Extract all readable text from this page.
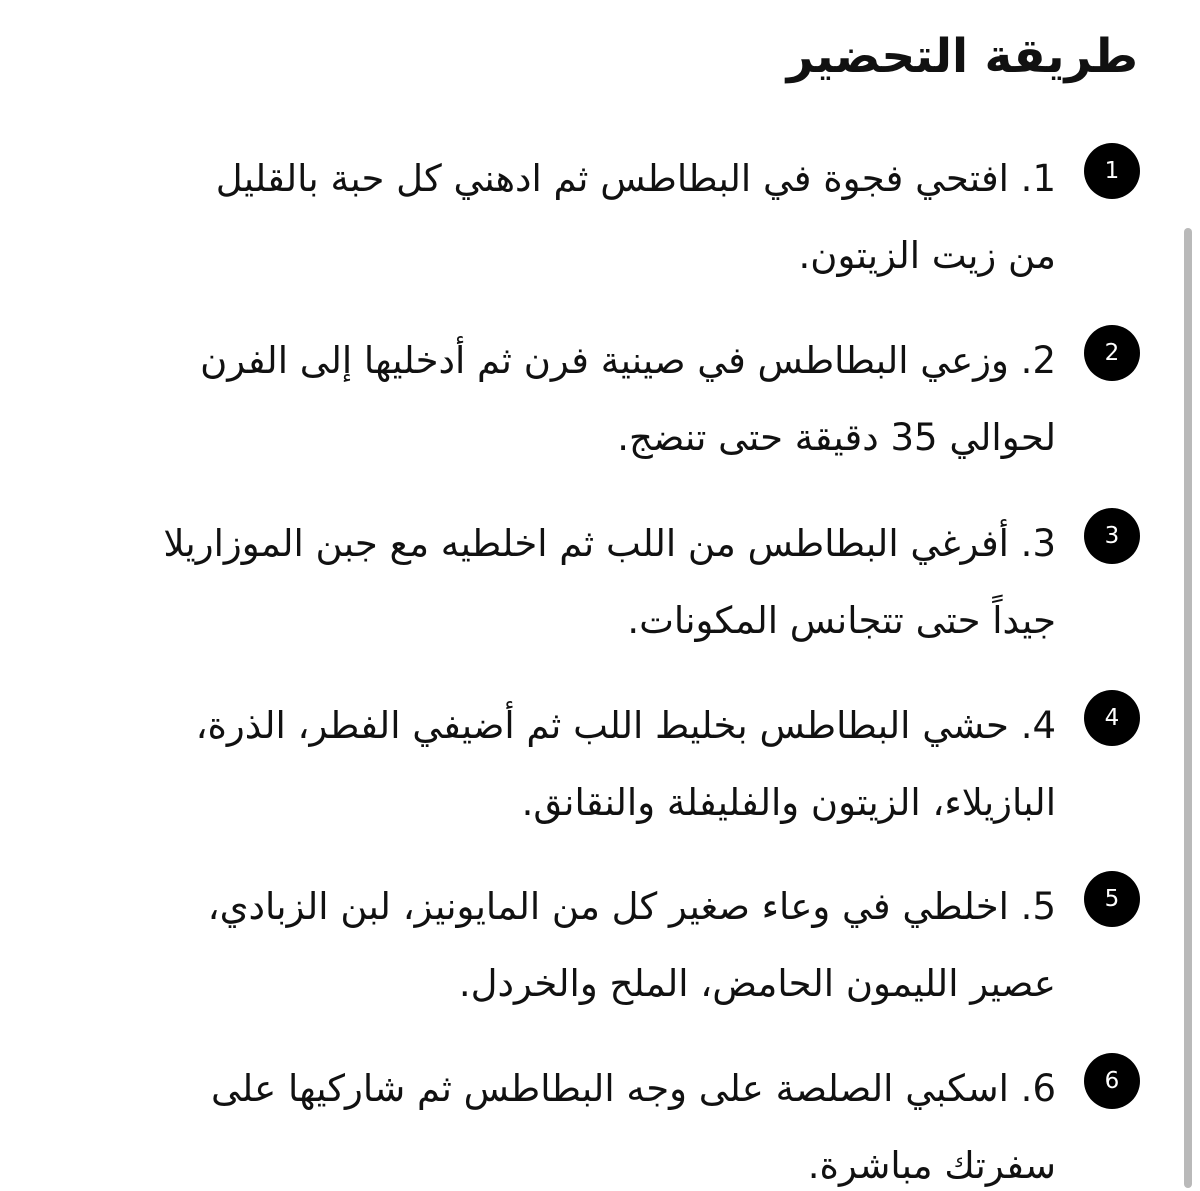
طريقة التحضير
1

1. افتحي فجوة في البطاطس ثم ادهني كل حبة بالقليل
من زيت الزيتون.

2

2. وزعي البطاطس في صينية فرن ثم أدخليها إلى الفرن
لحوالي 35 دقيقة حتى تنضج.

3

3. أفرغي البطاطس من اللب ثم اخلطيه مع جبن الموزاريلا
جيداً حتى تتجانس المكونات.

4

4. حشي البطاطس بخليط اللب ثم أضيفي الفطر، الذرة،
البازيلاء، الزيتون والفليفلة والنقانق.

5

5. اخلطي في وعاء صغير كل من المايونيز، لبن الزبادي،
عصير الليمون الحامض، الملح والخردل.

6

6. اسكبي الصلصة على وجه البطاطس ثم شاركيها على
سفرتك مباشرة.
